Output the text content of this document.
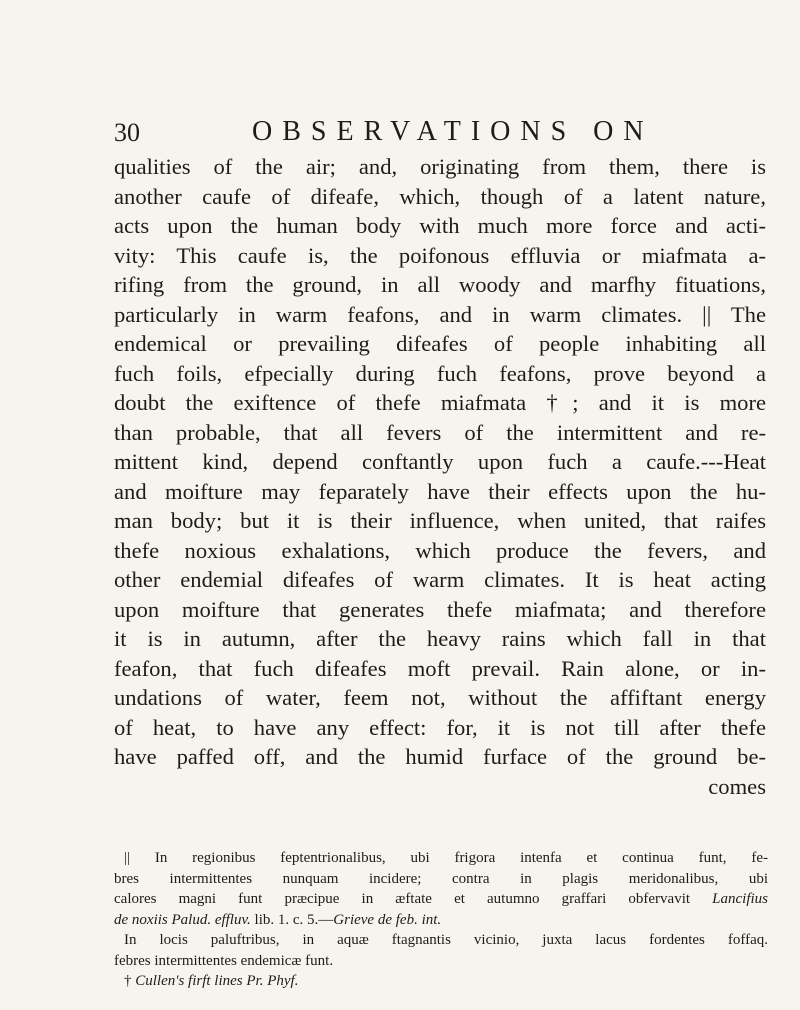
30	OBSERVATIONS ON
qualities of the air; and, originating from them, there is
another caufe of difeafe, which, though of a latent nature,
acts upon the human body with much more force and acti-
vity: This caufe is, the poifonous effluvia or miafmata a-
rifing from the ground, in all woody and marfhy fituations,
particularly in warm feafons, and in warm climates. || The
endemical or prevailing difeafes of people inhabiting all
fuch foils, efpecially during fuch feafons, prove beyond a
doubt the exiftence of thefe miafmata †; and it is more
than probable, that all fevers of the intermittent and re-
mittent kind, depend conftantly upon fuch a caufe.---Heat
and moifture may feparately have their effects upon the hu-
man body; but it is their influence, when united, that raifes
thefe noxious exhalations, which produce the fevers, and
other endemial difeafes of warm climates. It is heat acting
upon moifture that generates thefe miafmata; and therefore
it is in autumn, after the heavy rains which fall in that
feafon, that fuch difeafes moft prevail. Rain alone, or in-
undations of water, feem not, without the affiftant energy
of heat, to have any effect: for, it is not till after thefe
have paffed off, and the humid furface of the ground be-
comes
|| In regionibus feptentrionalibus, ubi frigora intenfa et continua funt, fe-
bres intermittentes nunquam incidere; contra in plagis meridonalibus, ubi
calores magni funt præcipue in æftate et autumno graffari obfervavit Lancifius
de noxiis Palud. effluv. lib. 1. c. 5.—Grieve de feb. int.
In locis paluftribus, in aquæ ftagnantis vicinio, juxta lacus fordentes foffaq.
febres intermittentes endemicæ funt.
† Cullen's firft lines Pr. Phyf.
